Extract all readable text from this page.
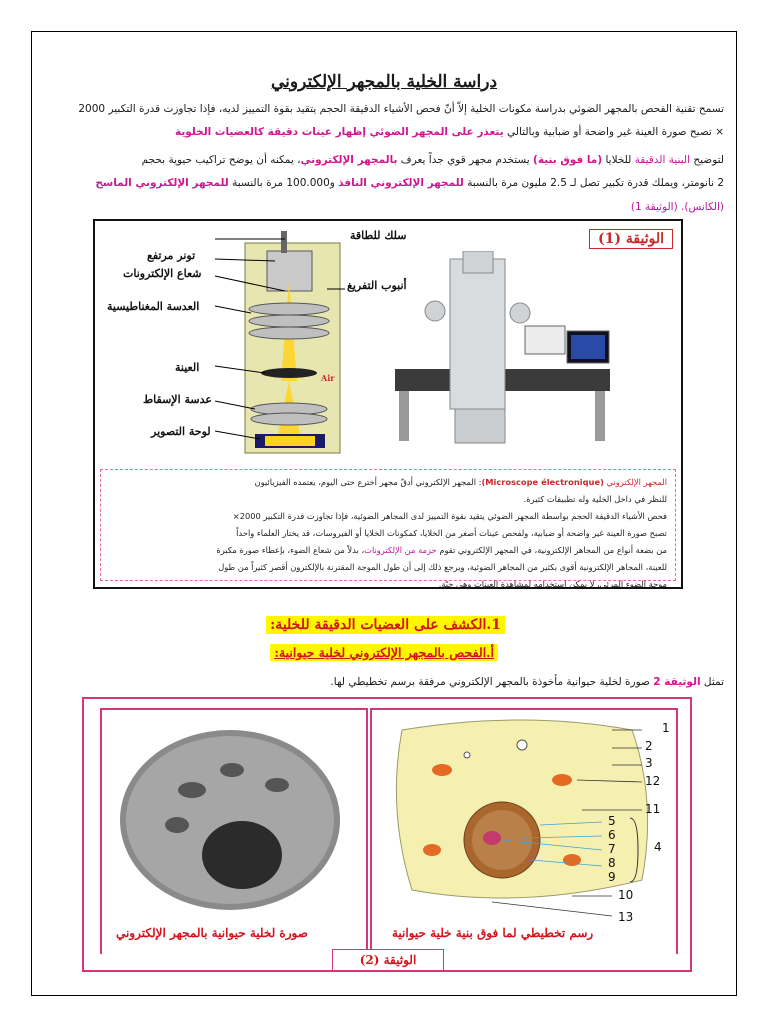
دراسة الخلية بالمجهر الإلكتروني
تسمح تقنية الفحص بالمجهر الضوئي بدراسة مكونات الخلية إلاّ أنّ فحص الأشياء الدقيقة الحجم يتقيد بقوة التمييز لديه، فإذا تجاوزت قدرة التكبير 2000
× تصبح صورة العينة غير واضحة أو ضبابية وبالتالي يتعذر على المجهر الضوئي إظهار عينات دقيقة كالعضيات الخلوية
لتوضيح البنية الدقيقة للخلايا (ما فوق بنية) يستخدم مجهر قوي جداً يعرف بالمجهر الإلكتروني، يمكنه أن يوضح تراكيب حيوية بحجم
2 نانومتر، ويملك قدرة تكبير تصل لـ 2.5 مليون مرة بالنسبة للمجهر الإلكتروني النافذ و100.000 مرة بالنسبة للمجهر الإلكتروني الماسح
(الكانس). (الوثيقة 1)
سلك للطاقة
تونر مرتفع
شعاع الإلكترونات
أنبوب التفريغ
العدسة المغناطيسية
العينة
عدسة الإسقاط
لوحة التصوير
Air
الوثيقة (1)
المجهر الإلكتروني (Microscope électronique): المجهر الإلكتروني أدقّ مجهر أخترع حتى اليوم، يعتمده الفيزيائيون
للنظر في داخل الخلية وله تطبيقات كثيرة.
فحص الأشياء الدقيقة الحجم بواسطة المجهر الضوئي يتقيد بقوة التمييز لدى المجاهر الضوئية، فإذا تجاوزت قدرة التكبير 2000×
تصبح صورة العينة غير واضحة أو ضبابية، ولفحص عينات أصغر من الخلايا، كمكونات الخلايا أو الفيروسات، قد يختار العلماء واحداً
من بضعة أنواع من المجاهر الإلكترونية، في المجهر الإلكتروني تقوم حزمة من الإلكترونات، بدلاً من شعاع الضوء، بإعطاء صورة مكبرة
للعينة، المجاهر الإلكترونية أقوى بكثير من المجاهر الضوئية، ويرجع ذلك إلى أن طول الموجة المقترنة بالإلكترون أقصر كثيراً من طول
موجة الضوء المرئي، لا يمكن إستخدامه لمشاهدة العينات وهي حيّة.
1.الكشف على العضيات الدقيقة للخلية:
أ.الفحص بالمجهر الإلكتروني لخلية حيوانية:
تمثل الوثيقة 2 صورة لخلية حيوانية مأخوذة بالمجهر الإلكتروني مرفقة برسم تخطيطي لها.
صورة لخلية حيوانية بالمجهر الإلكتروني
1
2
3
12
11
5
6
7
8
9
4
10
13
رسم تخطيطي لما فوق بنية خلية حيوانية
الوثيقة (2)
